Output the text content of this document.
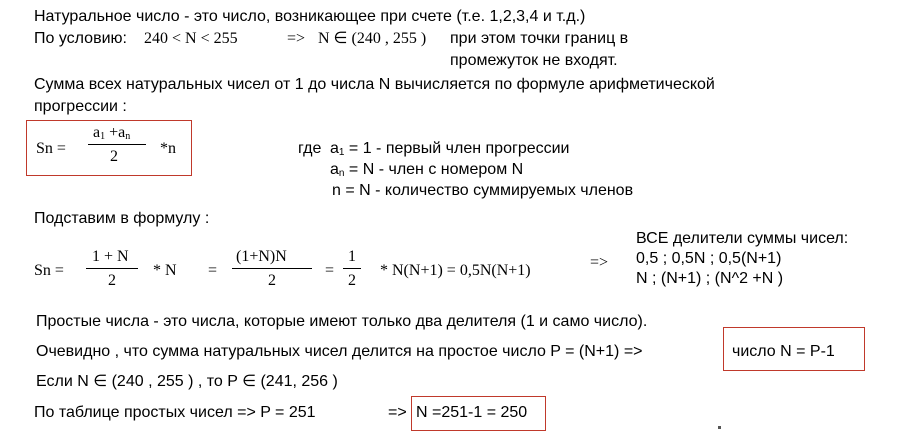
Натуральное число - это число, возникающее при счете (т.е. 1,2,3,4 и т.д.)
По условию: 240 < N < 255	=> N ∈ (240 , 255 ) при этом точки границ в
промежуток не входят.
Сумма всех натуральных чисел от 1 до числа N вычисляется по формуле арифметической
прогрессии :
Sn =
$a_1 +a_n$
2	*n	где $a_1 = 1$ - первый член прогрессии
$a_n = N$ - член с номером N
n = N - количество суммируемых членов
Подставим в формулу :
Sn =
1 + N
2
* N =
(1+N)N
2
=
1
2
* N(N+1) = 0,5N(N+1)	=>
ВСЕ делители суммы чисел:
0,5 ; 0,5N ; 0,5(N+1)
N ; (N+1) ; (N^2 +N )
Простые числа - это числа, которые имеют только два делителя (1 и само число).
Очевидно , что сумма натуральных чисел делится на простое число P = (N+1) =>	число N = P-1
Если N ∈ (240 , 255 ) , то P ∈ (241, 256 )
По таблице простых чисел => P = 251	=> N =251-1 = 250
